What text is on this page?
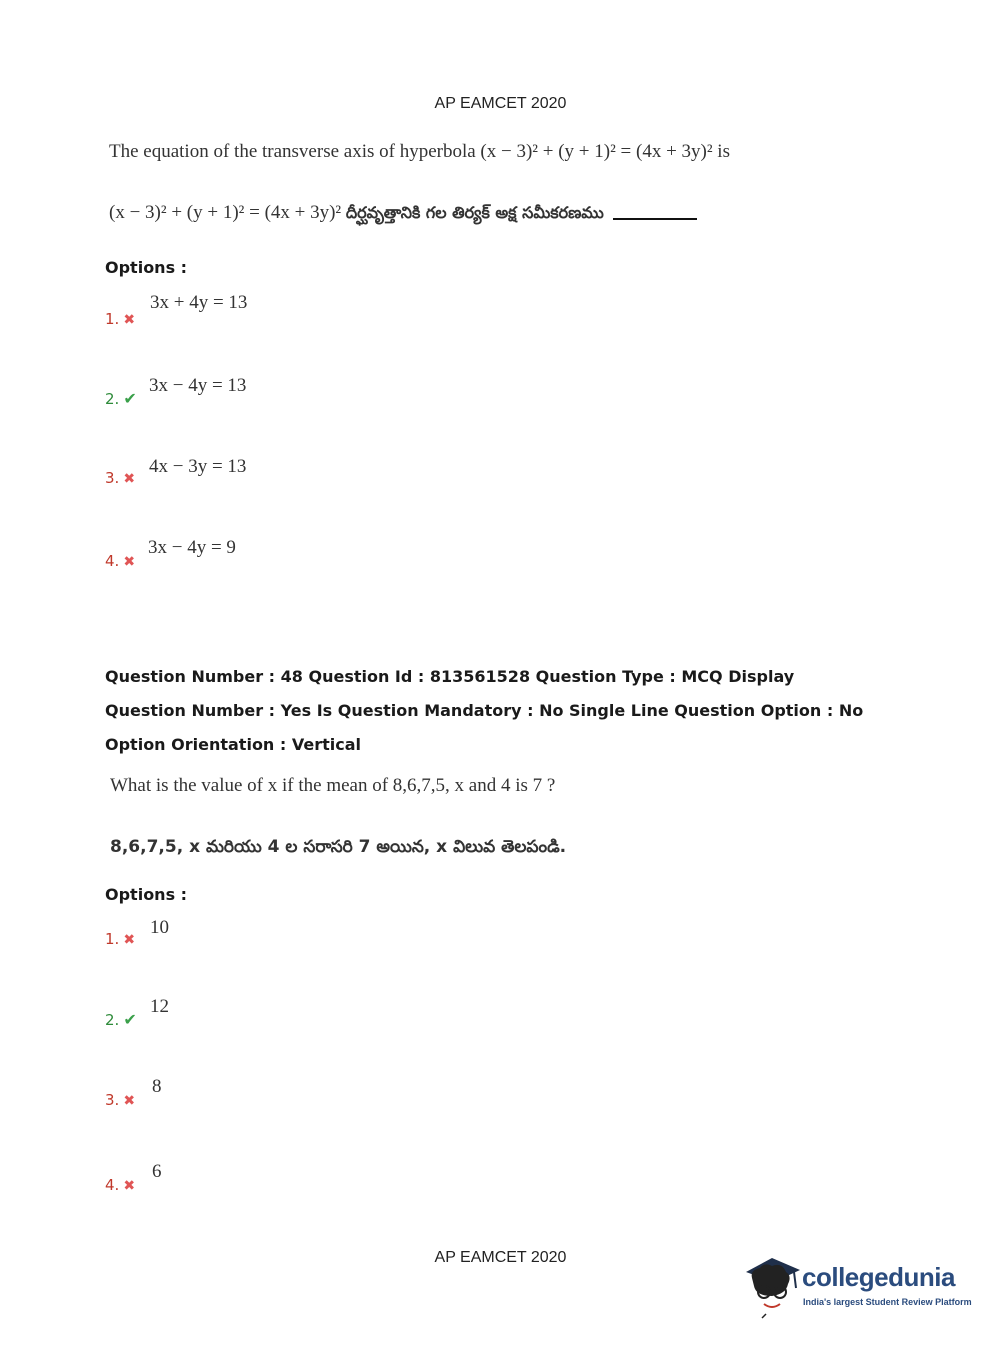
AP EAMCET 2020
The equation of the transverse axis of hyperbola (x − 3)² + (y + 1)² = (4x + 3y)² is
(x − 3)² + (y + 1)² = (4x + 3y)² దీర్ఘవృత్తానికి గల తిర్యక్ అక్ష సమీకరణము
Options :
1. ✖
3x + 4y = 13
2. ✔
3x − 4y = 13
3. ✖
4x − 3y = 13
4. ✖
3x − 4y = 9
Question Number : 48 Question Id : 813561528 Question Type : MCQ Display Question Number : Yes Is Question Mandatory : No Single Line Question Option : No Option Orientation : Vertical
What is the value of x if the mean of 8,6,7,5, x and 4 is 7 ?
8,6,7,5, x మరియు 4 ల సరాసరి 7 అయిన, x విలువ తెలపండి.
Options :
1. ✖
10
2. ✔
12
3. ✖
8
4. ✖
6
AP EAMCET 2020
collegedunia
India's largest Student Review Platform
